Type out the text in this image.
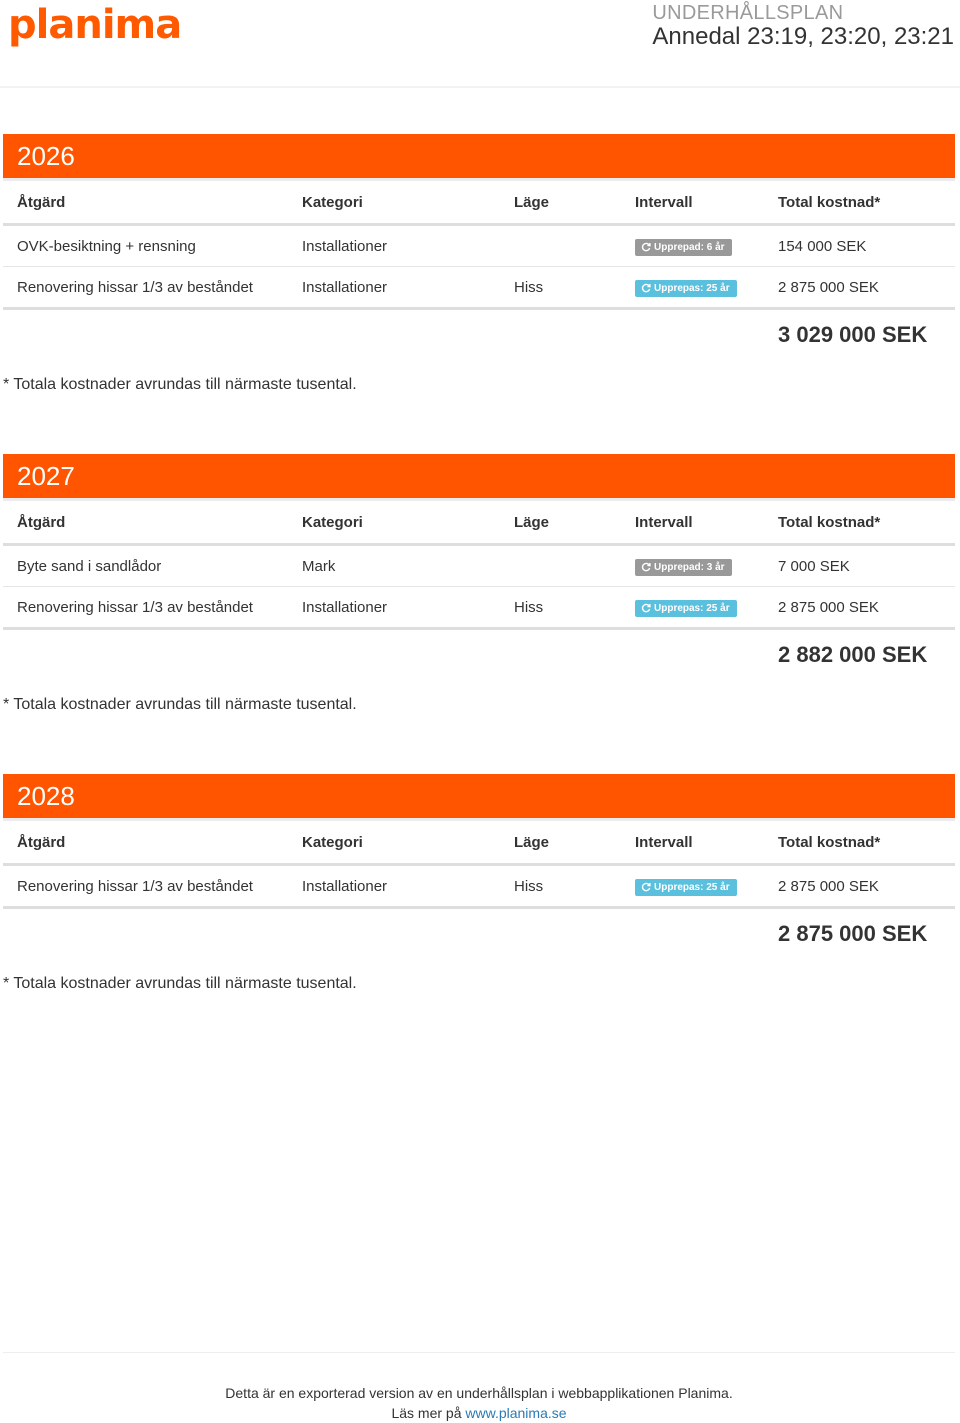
planima	UNDERHÅLLSPLAN
Annedal 23:19, 23:20, 23:21
2026
Åtgärd	Kategori	Läge	Intervall	Total kostnad*
OVK-besiktning + rensning	Installationer		Upprepad: 6 år	154 000 SEK
Renovering hissar 1/3 av beståndet	Installationer	Hiss	Upprepas: 25 år	2 875 000 SEK
3 029 000 SEK
* Totala kostnader avrundas till närmaste tusental.
2027
Åtgärd	Kategori	Läge	Intervall	Total kostnad*
Byte sand i sandlådor	Mark		Upprepad: 3 år	7 000 SEK
Renovering hissar 1/3 av beståndet	Installationer	Hiss	Upprepas: 25 år	2 875 000 SEK
2 882 000 SEK
* Totala kostnader avrundas till närmaste tusental.
2028
Åtgärd	Kategori	Läge	Intervall	Total kostnad*
Renovering hissar 1/3 av beståndet	Installationer	Hiss	Upprepas: 25 år	2 875 000 SEK
2 875 000 SEK
* Totala kostnader avrundas till närmaste tusental.
Detta är en exporterad version av en underhållsplan i webbapplikationen Planima.
Läs mer på www.planima.se
